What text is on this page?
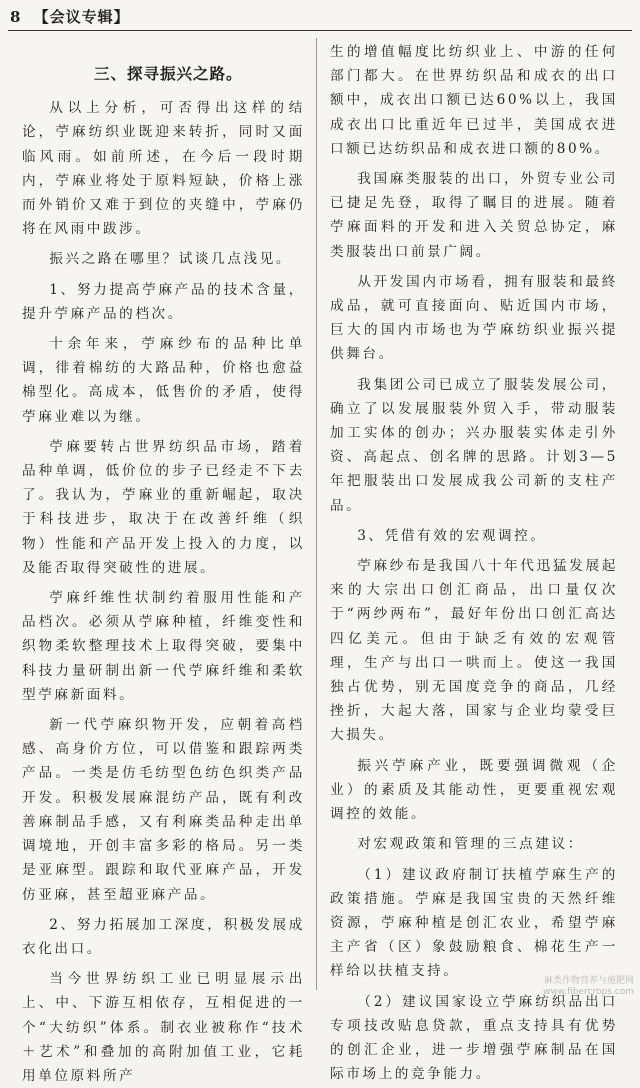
8 【会议专辑】
三、探寻振兴之路。

从以上分析，可否得出这样的结论，苧麻纺织业既迎来转折，同时又面临风雨。如前所述，在今后一段时期内，苧麻业将处于原料短缺，价格上涨而外销价又难于到位的夹缝中，苧麻仍将在风雨中跋涉。

振兴之路在哪里？试谈几点浅见。

1、努力提高苧麻产品的技术含量，提升苧麻产品的档次。

十余年来，苧麻纱布的品种比单调，徘着棉纺的大路品种，价格也愈益棉型化。高成本，低售价的矛盾，使得苧麻业难以为继。

苧麻要转占世界纺织品市场，踏着品种单调，低价位的步子已经走不下去了。我认为，苧麻业的重新崛起，取决于科技进步，取决于在改善纤维（织物）性能和产品开发上投入的力度，以及能否取得突破性的进展。

苧麻纤维性状制约着服用性能和产品档次。必须从苧麻种植，纤维变性和织物柔软整理技术上取得突破，要集中科技力量研制出新一代苧麻纤维和柔软型苧麻新面料。

新一代苧麻织物开发，应朝着高档感、高身价方位，可以借鉴和跟踪两类产品。一类是仿毛纺型色纺色织类产品开发。积极发展麻混纺产品，既有利改善麻制品手感，又有利麻类品种走出单调境地，开创丰富多彩的格局。另一类是亚麻型。跟踪和取代亚麻产品，开发仿亚麻，甚至超亚麻产品。

2、努力拓展加工深度，积极发展成衣化出口。

当今世界纺织工业已明显展示出上、中、下游互相依存，互相促进的一个“大纺织”体系。制衣业被称作“技术＋艺术”和叠加的高附加值工业，它耗用单位原料所产

生的增值幅度比纺织业上、中游的任何部门都大。在世界纺织品和成衣的出口额中，成衣出口额已达60%以上，我国成衣出口比重近年已过半，美国成衣进口额已达纺织品和成衣进口额的80%。

我国麻类服装的出口，外贸专业公司已捷足先登，取得了瞩目的进展。随着苧麻面料的开发和进入关贸总协定，麻类服装出口前景广阔。

从开发国内市场看，拥有服装和最終成品，就可直接面向、贴近国内市场，巨大的国内市场也为苧麻纺织业振兴提供舞台。

我集团公司已成立了服装发展公司，确立了以发展服装外贸入手，带动服装加工实体的创办；兴办服装实体走引外资、高起点、创名牌的思路。计划3—5年把服装出口发展成我公司新的支柱产品。

3、凭借有效的宏观调控。

苧麻纱布是我国八十年代迅猛发展起来的大宗出口创汇商品，出口量仅次于“两纱两布”，最好年份出口创汇高达四亿美元。但由于缺乏有效的宏观管理，生产与出口一哄而上。使这一我国独占优势，别无国度竞争的商品，几经挫折，大起大落，国家与企业均蒙受巨大损失。

振兴苧麻产业，既要强调微观（企业）的素质及其能动性，更要重视宏观调控的效能。

对宏观政策和管理的三点建议：

（1）建议政府制订扶植苧麻生产的政策措施。苧麻是我国宝贵的天然纤维资源，苧麻种植是创汇农业，希望苧麻主产省（区）象鼓励粮食、棉花生产一样给以扶植支持。

（2）建议国家设立苧麻纺织品出口专项技改贴息贷款，重点支持具有优势的创汇企业，进一步增强苧麻制品在国际市场上的竞争能力。

麻类作物营养与施肥网
www.fibercrops.com
